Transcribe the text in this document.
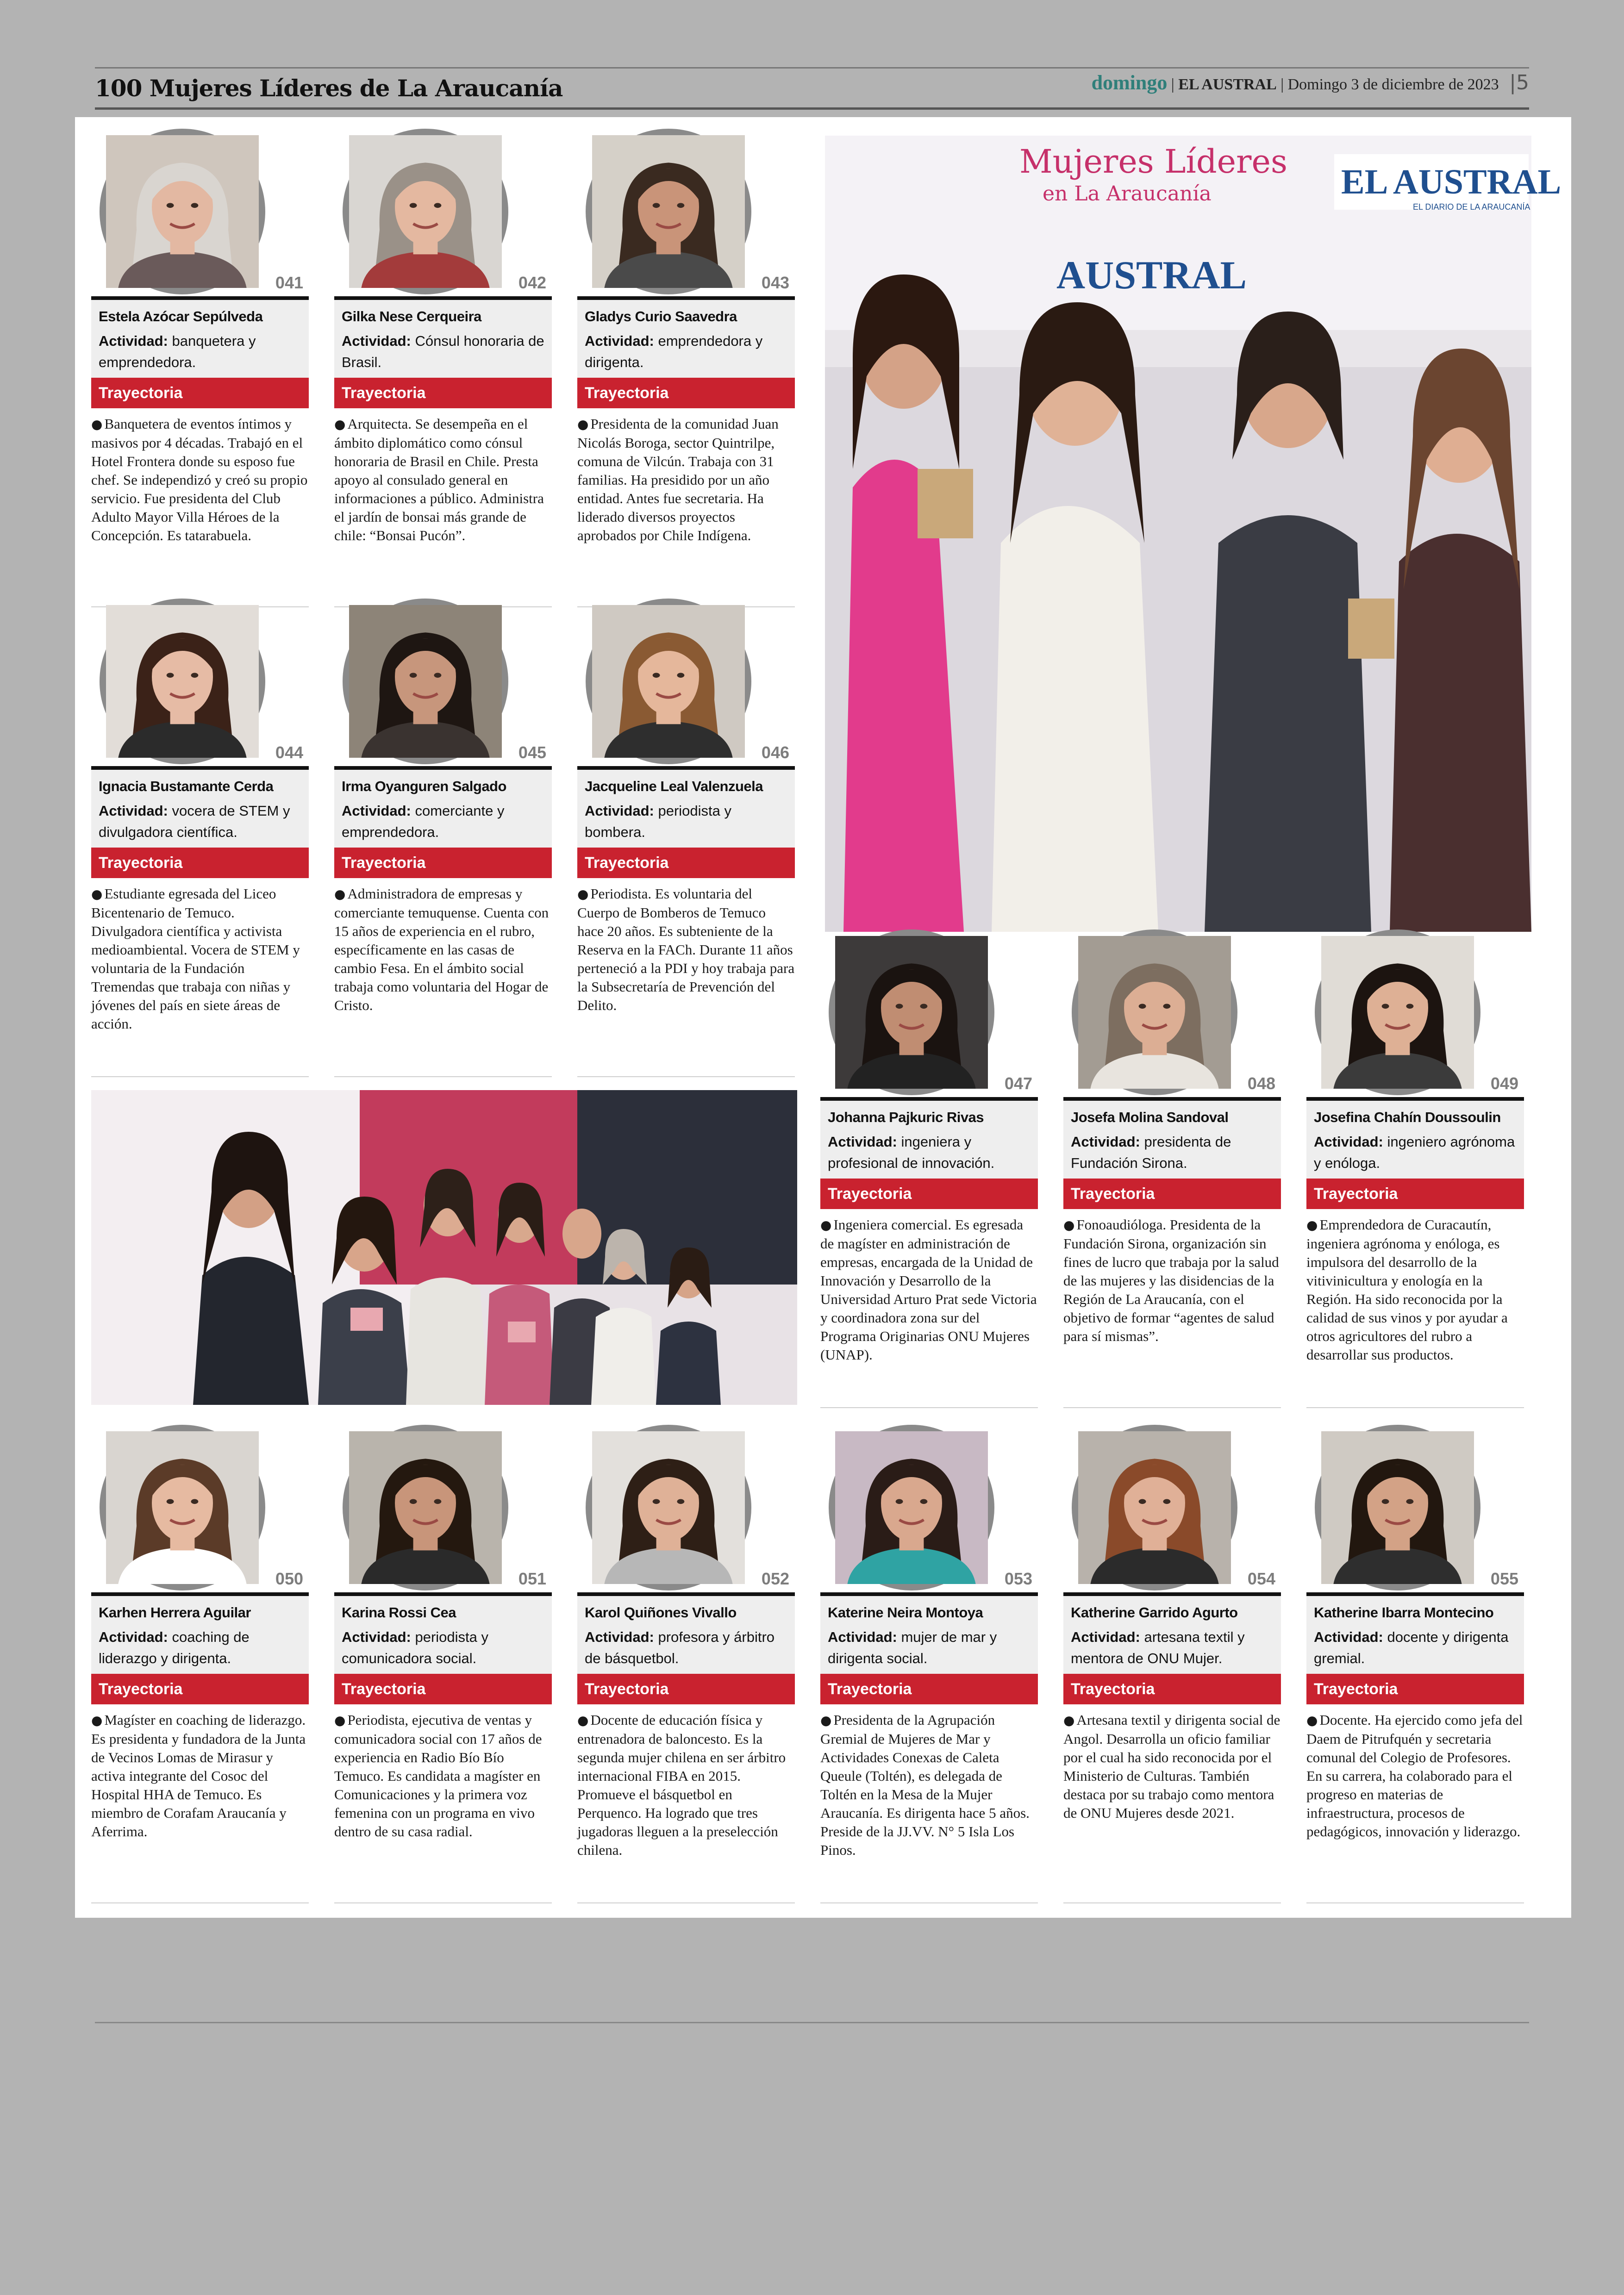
100 Mujeres Líderes de La Araucanía	domingo | EL AUSTRAL | Domingo 3 de diciembre de 2023 |5
Mujeres Líderes
en La Araucanía	EL AUSTRAL
EL DIARIO DE LA ARAUCANÍA
AUSTRAL
041
Estela Azócar Sepúlveda
Actividad: banquetera y emprendedora.
Trayectoria
● Banquetera de eventos íntimos y masivos por 4 décadas. Trabajó en el Hotel Frontera donde su esposo fue chef. Se independizó y creó su propio servicio. Fue presidenta del Club Adulto Mayor Villa Héroes de la Concepción. Es tatarabuela.
042
Gilka Nese Cerqueira
Actividad: Cónsul honoraria de Brasil.
Trayectoria
● Arquitecta. Se desempeña en el ámbito diplomático como cónsul honoraria de Brasil en Chile. Presta apoyo al consulado general en informaciones a público. Administra el jardín de bonsai más grande de chile: “Bonsai Pucón”.
043
Gladys Curio Saavedra
Actividad: emprendedora y dirigenta.
Trayectoria
● Presidenta de la comunidad Juan Nicolás Boroga, sector Quintrilpe, comuna de Vilcún. Trabaja con 31 familias. Ha presidido por un año entidad. Antes fue secretaria. Ha liderado diversos proyectos aprobados por Chile Indígena.
044
Ignacia Bustamante Cerda
Actividad: vocera de STEM y divulgadora científica.
Trayectoria
● Estudiante egresada del Liceo Bicentenario de Temuco. Divulgadora científica y activista medioambiental. Vocera de STEM y voluntaria de la Fundación Tremendas que trabaja con niñas y jóvenes del país en siete áreas de acción.
045
Irma Oyanguren Salgado
Actividad: comerciante y emprendedora.
Trayectoria
● Administradora de empresas y comerciante temuquense. Cuenta con 15 años de experiencia en el rubro, específicamente en las casas de cambio Fesa. En el ámbito social trabaja como voluntaria del Hogar de Cristo.
046
Jacqueline Leal Valenzuela
Actividad: periodista y bombera.
Trayectoria
● Periodista. Es voluntaria del Cuerpo de Bomberos de Temuco hace 20 años. Es subteniente de la Reserva en la FACh. Durante 11 años perteneció a la PDI y hoy trabaja para la Subsecretaría de Prevención del Delito.
047
Johanna Pajkuric Rivas
Actividad: ingeniera y profesional de innovación.
Trayectoria
● Ingeniera comercial. Es egresada de magíster en administración de empresas, encargada de la Unidad de Innovación y Desarrollo de la Universidad Arturo Prat sede Victoria y coordinadora zona sur del Programa Originarias ONU Mujeres (UNAP).
048
Josefa Molina Sandoval
Actividad: presidenta de Fundación Sirona.
Trayectoria
● Fonoaudióloga. Presidenta de la Fundación Sirona, organización sin fines de lucro que trabaja por la salud de las mujeres y las disidencias de la Región de La Araucanía, con el objetivo de formar “agentes de salud para sí mismas”.
049
Josefina Chahín Doussoulin
Actividad: ingeniero agrónoma y enóloga.
Trayectoria
● Emprendedora de Curacautín, ingeniera agrónoma y enóloga, es impulsora del desarrollo de la vitivinicultura y enología en la Región. Ha sido reconocida por la calidad de sus vinos y por ayudar a otros agricultores del rubro a desarrollar sus productos.
050
Karhen Herrera Aguilar
Actividad: coaching de liderazgo y dirigenta.
Trayectoria
● Magíster en coaching de liderazgo. Es presidenta y fundadora de la Junta de Vecinos Lomas de Mirasur y activa integrante del Cosoc del Hospital HHA de Temuco. Es miembro de Corafam Araucanía y Aferrima.
051
Karina Rossi Cea
Actividad: periodista y comunicadora social.
Trayectoria
● Periodista, ejecutiva de ventas y comunicadora social con 17 años de experiencia en Radio Bío Bío Temuco. Es candidata a magíster en Comunicaciones y la primera voz femenina con un programa en vivo dentro de su casa radial.
052
Karol Quiñones Vivallo
Actividad: profesora y árbitro de básquetbol.
Trayectoria
● Docente de educación física y entrenadora de baloncesto. Es la segunda mujer chilena en ser árbitro internacional FIBA en 2015. Promueve el básquetbol en Perquenco. Ha logrado que tres jugadoras lleguen a la preselección chilena.
053
Katerine Neira Montoya
Actividad: mujer de mar y dirigenta social.
Trayectoria
● Presidenta de la Agrupación Gremial de Mujeres de Mar y Actividades Conexas de Caleta Queule (Toltén), es delegada de Toltén en la Mesa de la Mujer Araucanía. Es dirigenta hace 5 años. Preside de la JJ.VV. N° 5 Isla Los Pinos.
054
Katherine Garrido Agurto
Actividad: artesana textil y mentora de ONU Mujer.
Trayectoria
● Artesana textil y dirigenta social de Angol. Desarrolla un oficio familiar por el cual ha sido reconocida por el Ministerio de Culturas. También destaca por su trabajo como mentora de ONU Mujeres desde 2021.
055
Katherine Ibarra Montecino
Actividad: docente y dirigenta gremial.
Trayectoria
● Docente. Ha ejercido como jefa del Daem de Pitrufquén y secretaria comunal del Colegio de Profesores. En su carrera, ha colaborado para el progreso en materias de infraestructura, procesos de pedagógicos, innovación y liderazgo.
